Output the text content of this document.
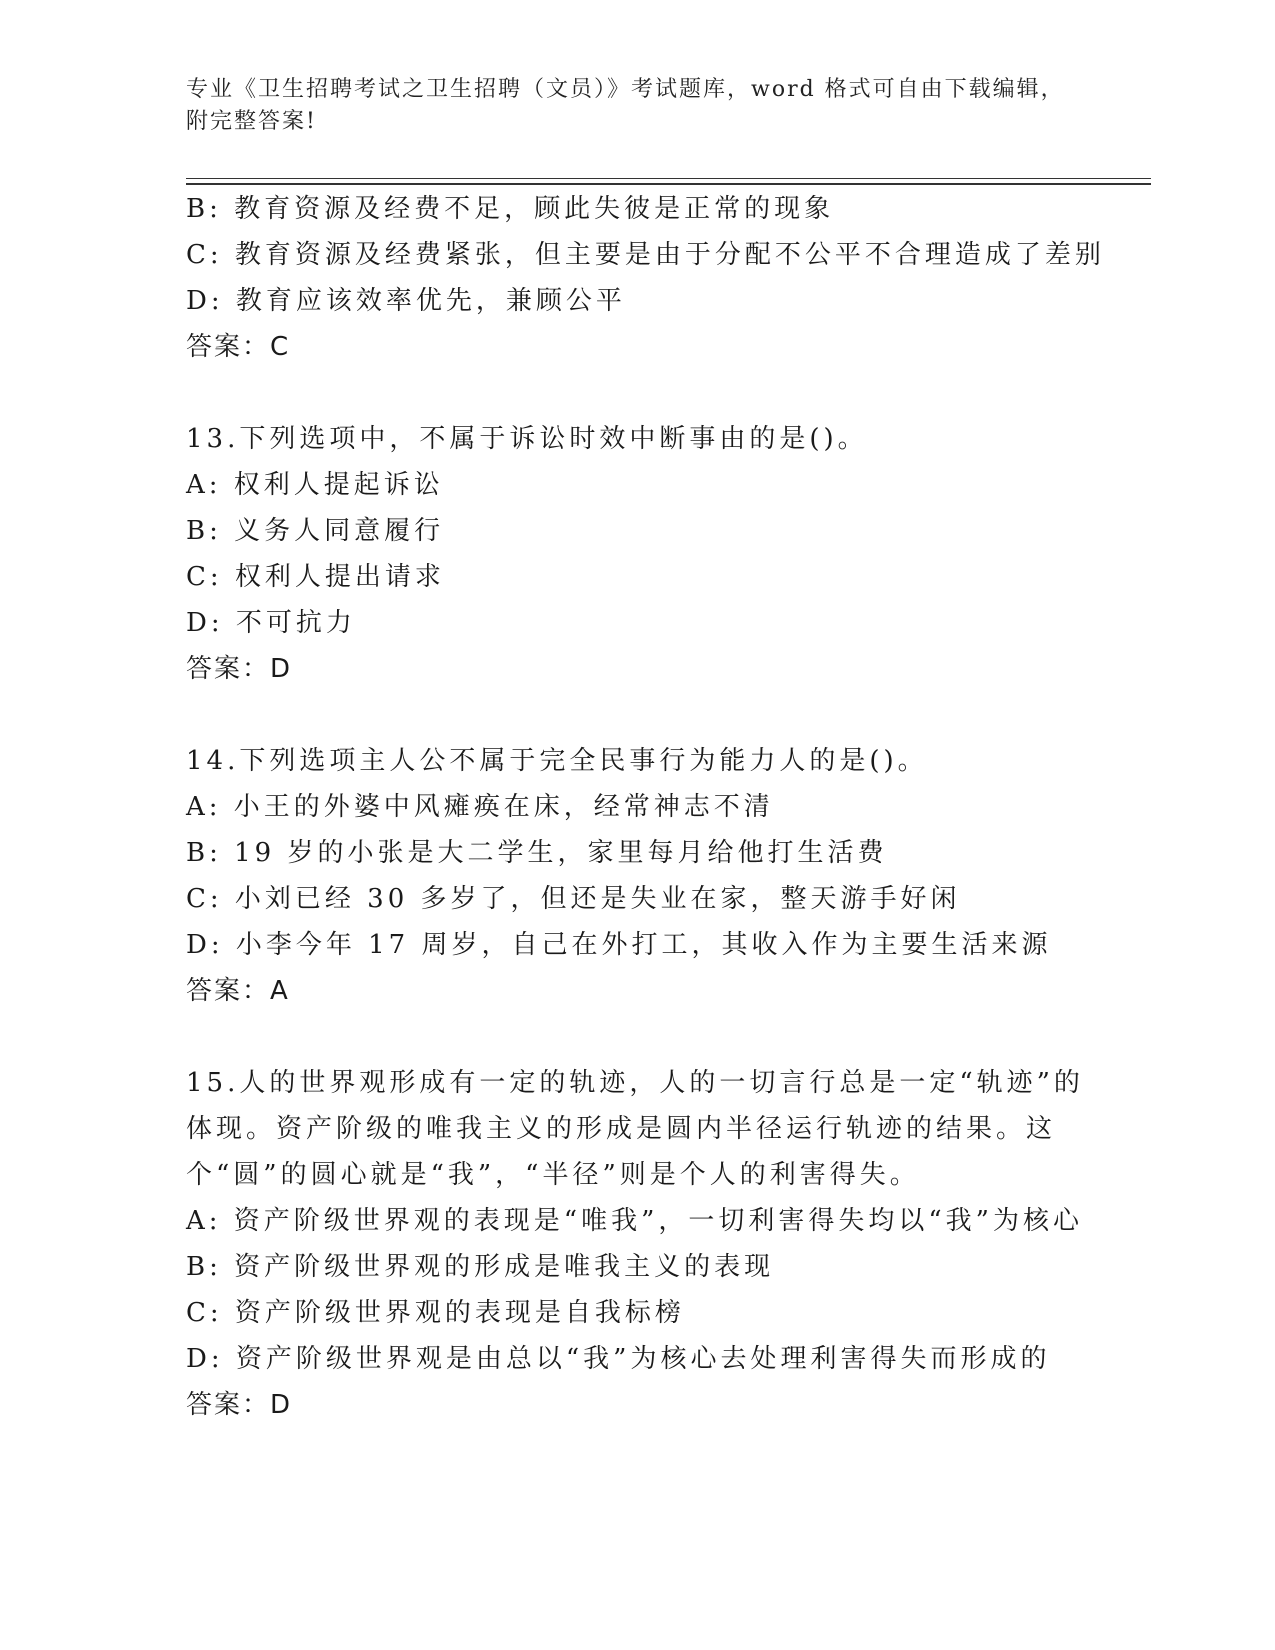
专业《卫生招聘考试之卫生招聘（文员）》考试题库，word 格式可自由下载编辑，附完整答案!
B: 教育资源及经费不足，顾此失彼是正常的现象
C: 教育资源及经费紧张，但主要是由于分配不公平不合理造成了差别
D: 教育应该效率优先，兼顾公平
答案：C
13.下列选项中，不属于诉讼时效中断事由的是()。
A: 权利人提起诉讼
B: 义务人同意履行
C: 权利人提出请求
D: 不可抗力
答案：D
14.下列选项主人公不属于完全民事行为能力人的是()。
A: 小王的外婆中风瘫痪在床，经常神志不清
B: 19 岁的小张是大二学生，家里每月给他打生活费
C: 小刘已经 30 多岁了，但还是失业在家，整天游手好闲
D: 小李今年 17 周岁，自己在外打工，其收入作为主要生活来源
答案：A
15.人的世界观形成有一定的轨迹，人的一切言行总是一定“轨迹”的体现。资产阶级的唯我主义的形成是圆内半径运行轨迹的结果。这个“圆”的圆心就是“我”，“半径”则是个人的利害得失。
A: 资产阶级世界观的表现是“唯我”，一切利害得失均以“我”为核心
B: 资产阶级世界观的形成是唯我主义的表现
C: 资产阶级世界观的表现是自我标榜
D: 资产阶级世界观是由总以“我”为核心去处理利害得失而形成的
答案：D
